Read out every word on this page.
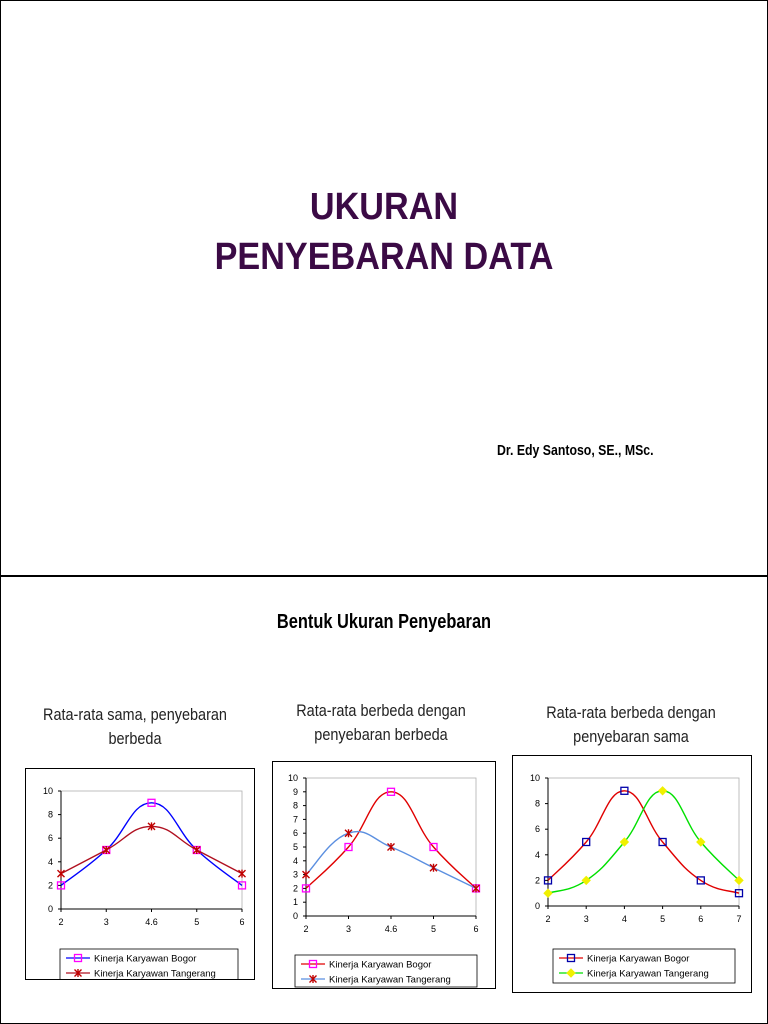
UKURAN
PENYEBARAN DATA
Dr. Edy Santoso, SE., MSc.
Bentuk Ukuran Penyebaran
Rata-rata sama, penyebaran berbeda
Rata-rata berbeda dengan penyebaran berbeda
Rata-rata berbeda dengan penyebaran sama
0
2
4
6
8
10
2	3	4.6	5	6
Kinerja Karyawan Bogor
Kinerja Karyawan Tangerang
0
1
2
3
4
5
6
7
8
9
10
2	3	4.6	5	6
Kinerja Karyawan Bogor
Kinerja Karyawan Tangerang
0
2
4
6
8
10
2	3	4	5	6	7
Kinerja Karyawan Bogor
Kinerja Karyawan Tangerang
